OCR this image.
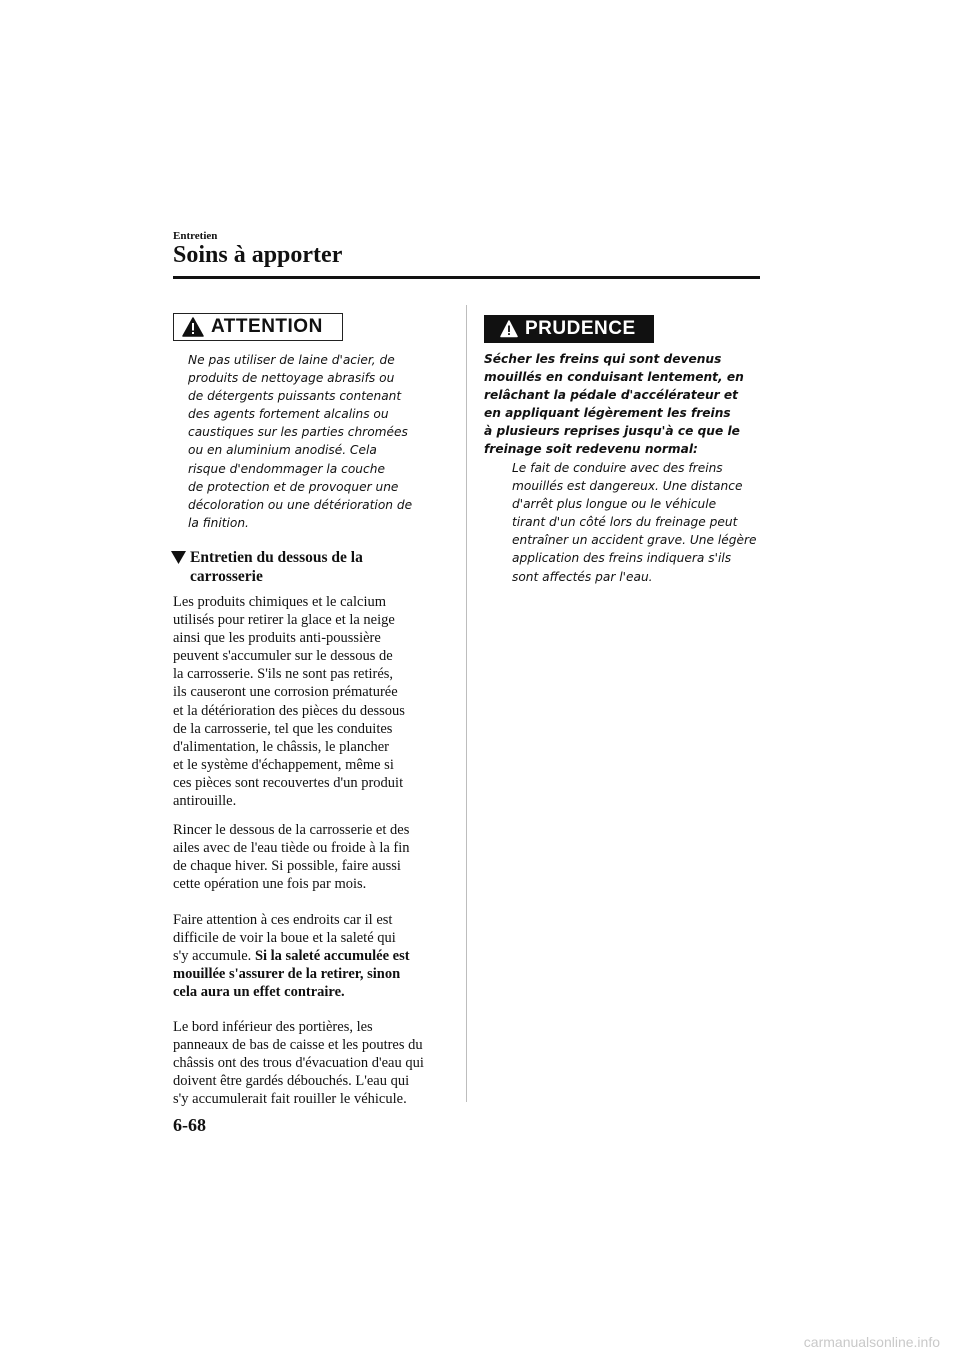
Entretien
Soins à apporter
ATTENTION
Ne pas utiliser de laine d'acier, de
produits de nettoyage abrasifs ou
de détergents puissants contenant
des agents fortement alcalins ou
caustiques sur les parties chromées
ou en aluminium anodisé. Cela
risque d'endommager la couche
de protection et de provoquer une
décoloration ou une détérioration de
la finition.
Entretien du dessous de la
carrosserie
Les produits chimiques et le calcium
utilisés pour retirer la glace et la neige
ainsi que les produits anti-poussière
peuvent s'accumuler sur le dessous de
la carrosserie. S'ils ne sont pas retirés,
ils causeront une corrosion prématurée
et la détérioration des pièces du dessous
de la carrosserie, tel que les conduites
d'alimentation, le châssis, le plancher
et le système d'échappement, même si
ces pièces sont recouvertes d'un produit
antirouille.
Rincer le dessous de la carrosserie et des
ailes avec de l'eau tiède ou froide à la fin
de chaque hiver. Si possible, faire aussi
cette opération une fois par mois.
Faire attention à ces endroits car il est
difficile de voir la boue et la saleté qui
s'y accumule. Si la saleté accumulée est
mouillée s'assurer de la retirer, sinon
cela aura un effet contraire.
Le bord inférieur des portières, les
panneaux de bas de caisse et les poutres du
châssis ont des trous d'évacuation d'eau qui
doivent être gardés débouchés. L'eau qui
s'y accumulerait fait rouiller le véhicule.
PRUDENCE
Sécher les freins qui sont devenus
mouillés en conduisant lentement, en
relâchant la pédale d'accélérateur et
en appliquant légèrement les freins
à plusieurs reprises jusqu'à ce que le
freinage soit redevenu normal:
Le fait de conduire avec des freins
mouillés est dangereux. Une distance
d'arrêt plus longue ou le véhicule
tirant d'un côté lors du freinage peut
entraîner un accident grave. Une légère
application des freins indiquera s'ils
sont affectés par l'eau.
6-68
carmanualsonline.info
